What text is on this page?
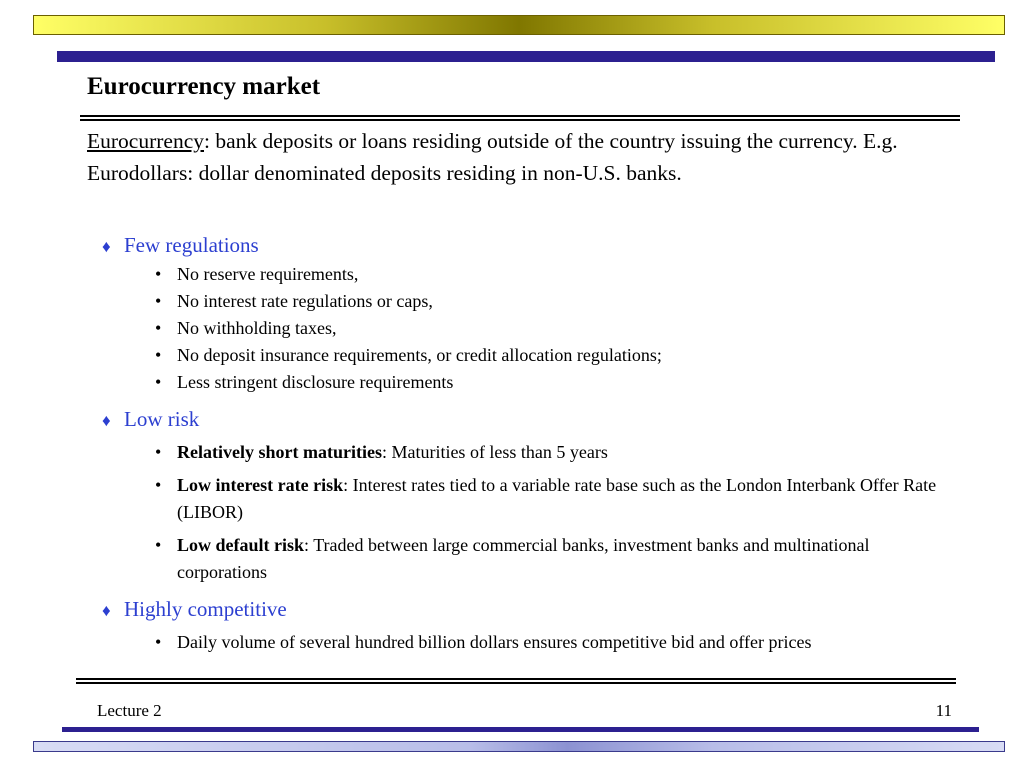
Eurocurrency market

Eurocurrency: bank deposits or loans residing outside of the country issuing the currency. E.g. Eurodollars: dollar denominated deposits residing in non-U.S. banks.

♦ Few regulations

• No reserve requirements,

• No interest rate regulations or caps,

• No withholding taxes,

• No deposit insurance requirements, or credit allocation regulations;

• Less stringent disclosure requirements

♦ Low risk

• Relatively short maturities: Maturities of less than 5 years

• Low interest rate risk: Interest rates tied to a variable rate base such as the London Interbank Offer Rate (LIBOR)

• Low default risk: Traded between large commercial banks, investment banks and multinational corporations

♦ Highly competitive

• Daily volume of several hundred billion dollars ensures competitive bid and offer prices

Lecture 2	11
